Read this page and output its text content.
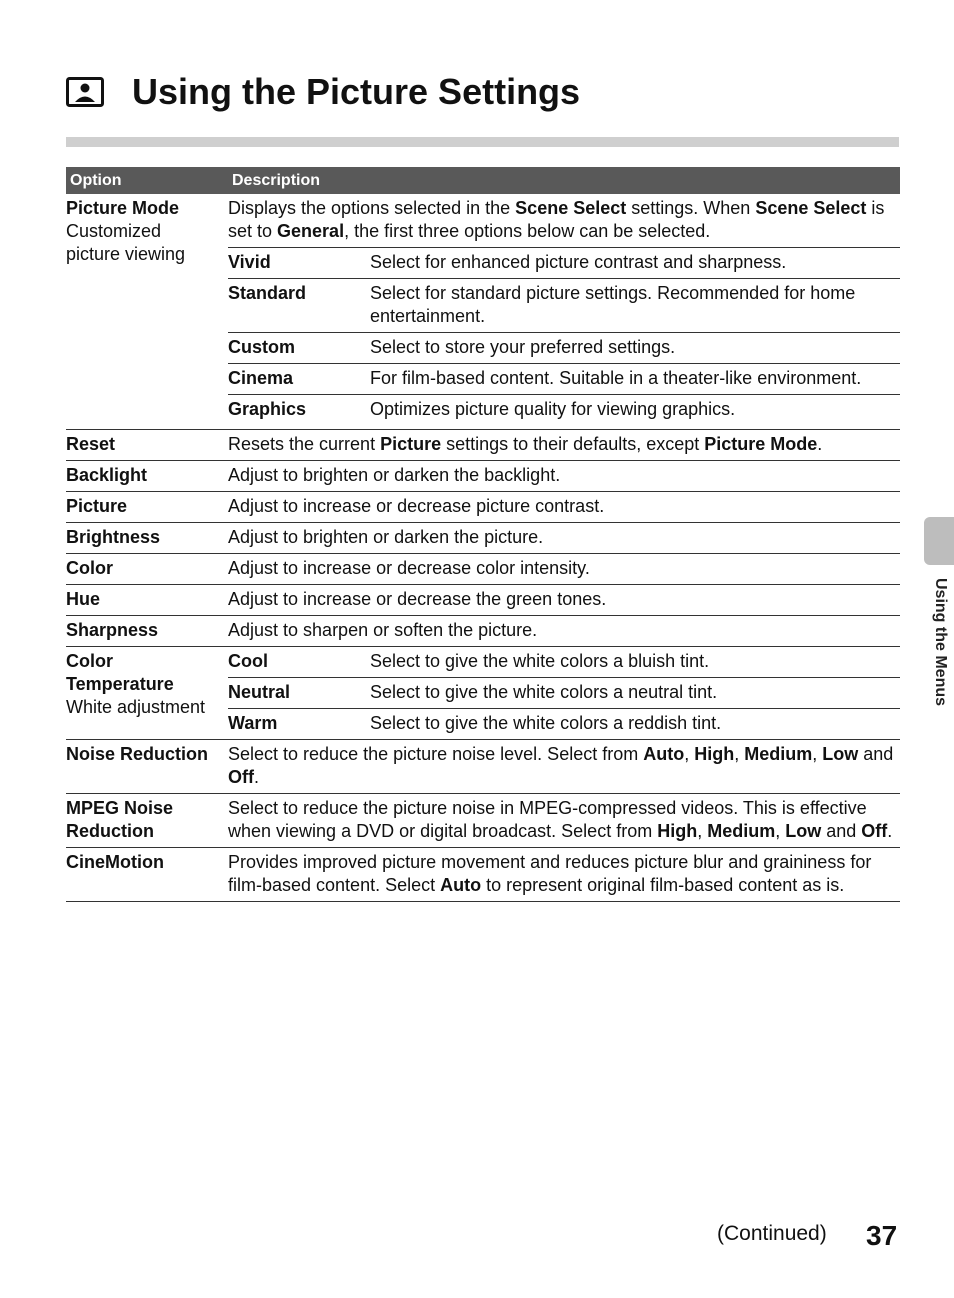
Using the Picture Settings
Option	Description

Picture Mode
Customized
picture viewing

Displays the options selected in the Scene Select settings. When Scene Select is set to General, the first three options below can be selected.
Vivid	Select for enhanced picture contrast and sharpness.
Standard	Select for standard picture settings. Recommended for home entertainment.
Custom	Select to store your preferred settings.
Cinema	For film-based content. Suitable in a theater-like environment.
Graphics	Optimizes picture quality for viewing graphics.

Reset	Resets the current Picture settings to their defaults, except Picture Mode.

Backlight	Adjust to brighten or darken the backlight.

Picture	Adjust to increase or decrease picture contrast.

Brightness	Adjust to brighten or darken the picture.

Color	Adjust to increase or decrease color intensity.

Hue	Adjust to increase or decrease the green tones.

Sharpness	Adjust to sharpen or soften the picture.

Color
Temperature
White adjustment

Cool	Select to give the white colors a bluish tint.
Neutral	Select to give the white colors a neutral tint.
Warm	Select to give the white colors a reddish tint.

Noise Reduction	Select to reduce the picture noise level. Select from Auto, High, Medium, Low and Off.

MPEG Noise
Reduction
	Select to reduce the picture noise in MPEG-compressed videos. This is effective when viewing a DVD or digital broadcast. Select from High, Medium, Low and Off.

CineMotion	Provides improved picture movement and reduces picture blur and graininess for film-based content. Select Auto to represent original film-based content as is.
Using the Menus
(Continued) 37
